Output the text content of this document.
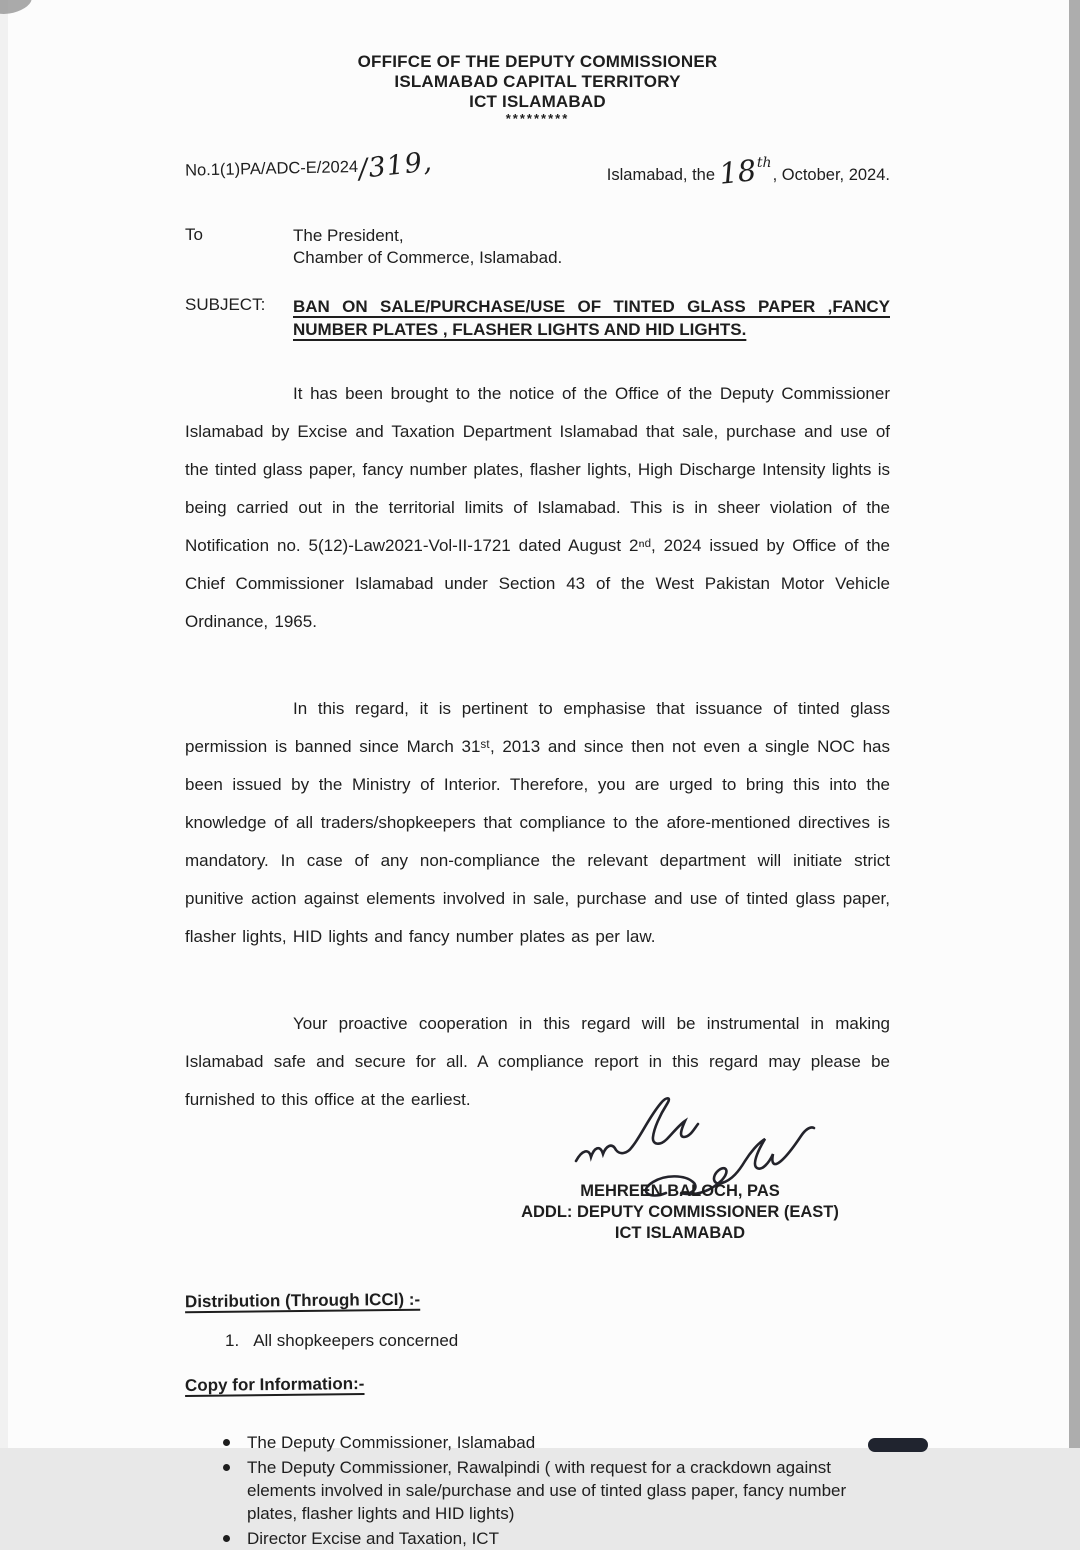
OFFIFCE OF THE DEPUTY COMMISSIONER
ISLAMABAD CAPITAL TERRITORY
ICT ISLAMABAD
*********
No.1(1)PA/ADC-E/2024/319,	Islamabad, the18th, October, 2024.
To	The President,
Chamber of Commerce, Islamabad.
SUBJECT:	BAN ON SALE/PURCHASE/USE OF TINTED GLASS PAPER ,FANCY
NUMBER PLATES , FLASHER LIGHTS AND HID LIGHTS.
It has been brought to the notice of the Office of the Deputy Commissioner Islamabad by Excise and Taxation Department Islamabad that sale, purchase and use of the tinted glass paper, fancy number plates, flasher lights, High Discharge Intensity lights is being carried out in the territorial limits of Islamabad. This is in sheer violation of the Notification no. 5(12)-Law2021-Vol-II-1721 dated August 2ⁿᵈ, 2024 issued by Office of the Chief Commissioner Islamabad under Section 43 of the West Pakistan Motor Vehicle Ordinance, 1965.
In this regard, it is pertinent to emphasise that issuance of tinted glass permission is banned since March 31ˢᵗ, 2013 and since then not even a single NOC has been issued by the Ministry of Interior. Therefore, you are urged to bring this into the knowledge of all traders/shopkeepers that compliance to the afore-mentioned directives is mandatory. In case of any non-compliance the relevant department will initiate strict punitive action against elements involved in sale, purchase and use of tinted glass paper, flasher lights, HID lights and fancy number plates as per law.
Your proactive cooperation in this regard will be instrumental in making Islamabad safe and secure for all. A compliance report in this regard may please be furnished to this office at the earliest.
MEHREEN BALOCH, PAS
ADDL: DEPUTY COMMISSIONER (EAST)
ICT ISLAMABAD
Distribution (Through ICCI) :-
1. All shopkeepers concerned
Copy for Information:-
The Deputy Commissioner, Islamabad
The Deputy Commissioner, Rawalpindi ( with request for a crackdown against elements involved in sale/purchase and use of tinted glass paper, fancy number plates, flasher lights and HID lights)
Director Excise and Taxation, ICT
